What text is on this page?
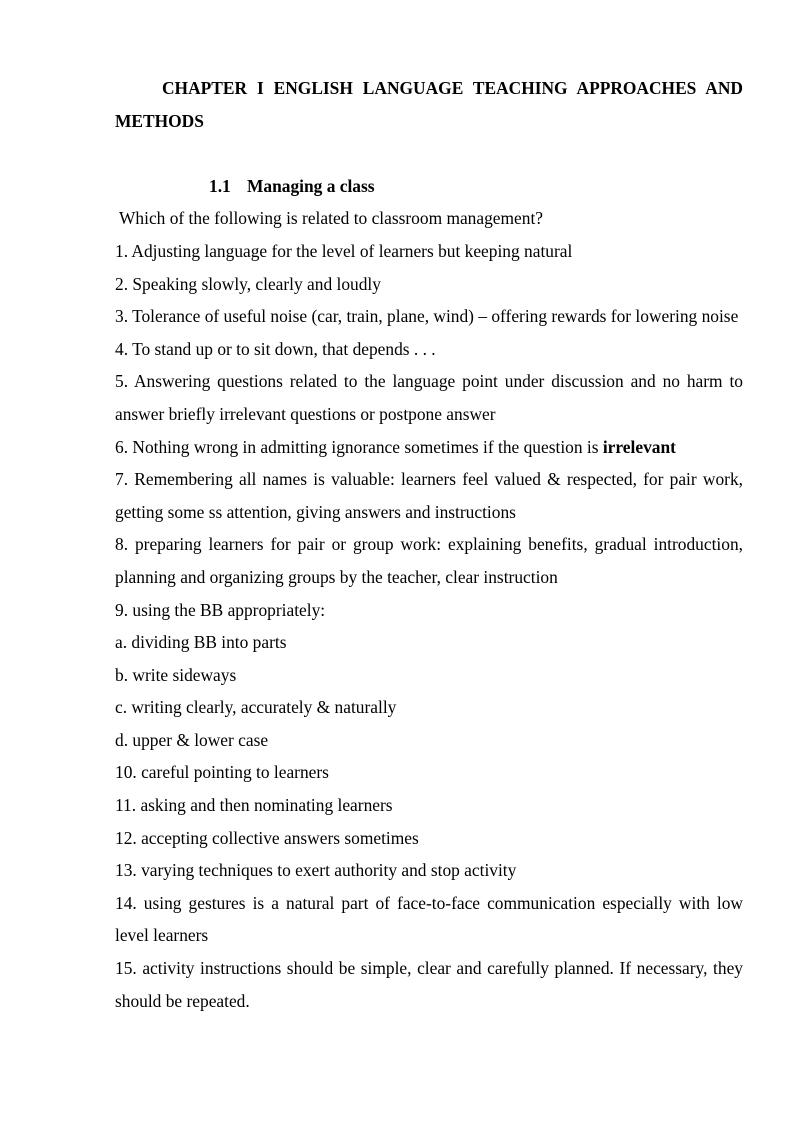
CHAPTER I ENGLISH LANGUAGE TEACHING APPROACHES AND METHODS

1.1 Managing a class

Which of the following is related to classroom management?

1. Adjusting language for the level of learners but keeping natural

2. Speaking slowly, clearly and loudly

3. Tolerance of useful noise (car, train, plane, wind) – offering rewards for lowering noise

4. To stand up or to sit down, that depends . . .

5. Answering questions related to the language point under discussion and no harm to answer briefly irrelevant questions or postpone answer

6. Nothing wrong in admitting ignorance sometimes if the question is irrelevant

7. Remembering all names is valuable: learners feel valued & respected, for pair work, getting some ss attention, giving answers and instructions

8. preparing learners for pair or group work: explaining benefits, gradual introduction, planning and organizing groups by the teacher, clear instruction

9. using the BB appropriately:

a. dividing BB into parts

b. write sideways

c. writing clearly, accurately & naturally

d. upper & lower case

10. careful pointing to learners

11. asking and then nominating learners

12. accepting collective answers sometimes

13. varying techniques to exert authority and stop activity

14. using gestures is a natural part of face-to-face communication especially with low level learners

15. activity instructions should be simple, clear and carefully planned. If necessary, they should be repeated.
